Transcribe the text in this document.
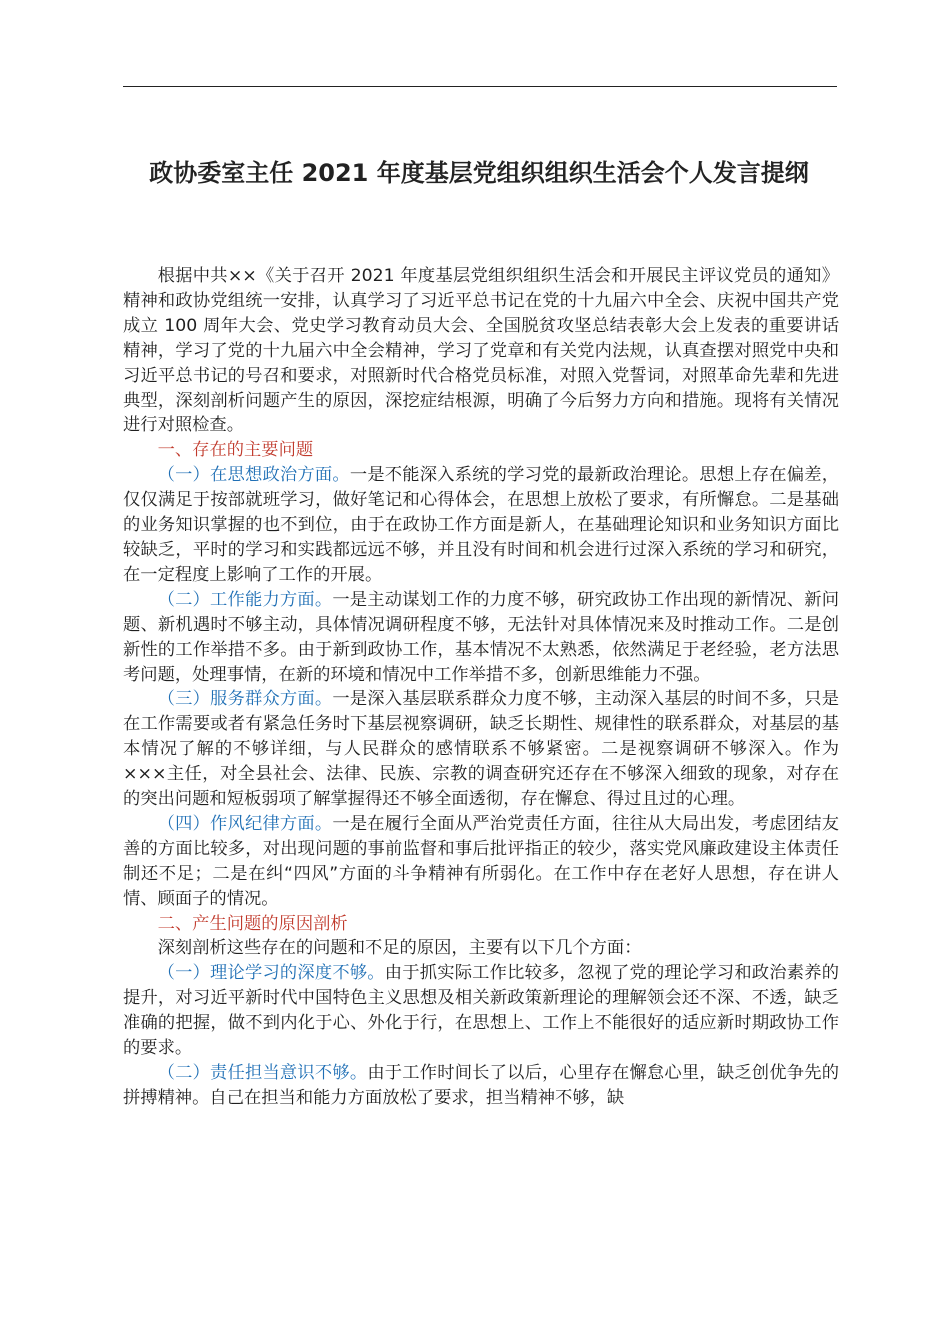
政协委室主任 2021 年度基层党组织组织生活会个人发言提纲

根据中共××《关于召开 2021 年度基层党组织组织生活会和开展民主评议党员的通知》精神和政协党组统一安排，认真学习了习近平总书记在党的十九届六中全会、庆祝中国共产党成立 100 周年大会、党史学习教育动员大会、全国脱贫攻坚总结表彰大会上发表的重要讲话精神，学习了党的十九届六中全会精神，学习了党章和有关党内法规，认真查摆对照党中央和习近平总书记的号召和要求，对照新时代合格党员标准，对照入党誓词，对照革命先辈和先进典型，深刻剖析问题产生的原因，深挖症结根源，明确了今后努力方向和措施。现将有关情况进行对照检查。

一、存在的主要问题

（一）在思想政治方面。一是不能深入系统的学习党的最新政治理论。思想上存在偏差，仅仅满足于按部就班学习，做好笔记和心得体会，在思想上放松了要求，有所懈怠。二是基础的业务知识掌握的也不到位，由于在政协工作方面是新人，在基础理论知识和业务知识方面比较缺乏，平时的学习和实践都远远不够，并且没有时间和机会进行过深入系统的学习和研究，在一定程度上影响了工作的开展。

（二）工作能力方面。一是主动谋划工作的力度不够，研究政协工作出现的新情况、新问题、新机遇时不够主动，具体情况调研程度不够，无法针对具体情况来及时推动工作。二是创新性的工作举措不多。由于新到政协工作，基本情况不太熟悉，依然满足于老经验，老方法思考问题，处理事情，在新的环境和情况中工作举措不多，创新思维能力不强。

（三）服务群众方面。一是深入基层联系群众力度不够，主动深入基层的时间不多，只是在工作需要或者有紧急任务时下基层视察调研，缺乏长期性、规律性的联系群众，对基层的基本情况了解的不够详细，与人民群众的感情联系不够紧密。二是视察调研不够深入。作为×××主任，对全县社会、法律、民族、宗教的调查研究还存在不够深入细致的现象，对存在的突出问题和短板弱项了解掌握得还不够全面透彻，存在懈怠、得过且过的心理。

（四）作风纪律方面。一是在履行全面从严治党责任方面，往往从大局出发，考虑团结友善的方面比较多，对出现问题的事前监督和事后批评指正的较少，落实党风廉政建设主体责任制还不足；二是在纠“四风”方面的斗争精神有所弱化。在工作中存在老好人思想，存在讲人情、顾面子的情况。

二、产生问题的原因剖析

深刻剖析这些存在的问题和不足的原因，主要有以下几个方面：

（一）理论学习的深度不够。由于抓实际工作比较多，忽视了党的理论学习和政治素养的提升，对习近平新时代中国特色主义思想及相关新政策新理论的理解领会还不深、不透，缺乏准确的把握，做不到内化于心、外化于行，在思想上、工作上不能很好的适应新时期政协工作的要求。

（二）责任担当意识不够。由于工作时间长了以后，心里存在懈怠心里，缺乏创优争先的拼搏精神。自己在担当和能力方面放松了要求，担当精神不够，缺
